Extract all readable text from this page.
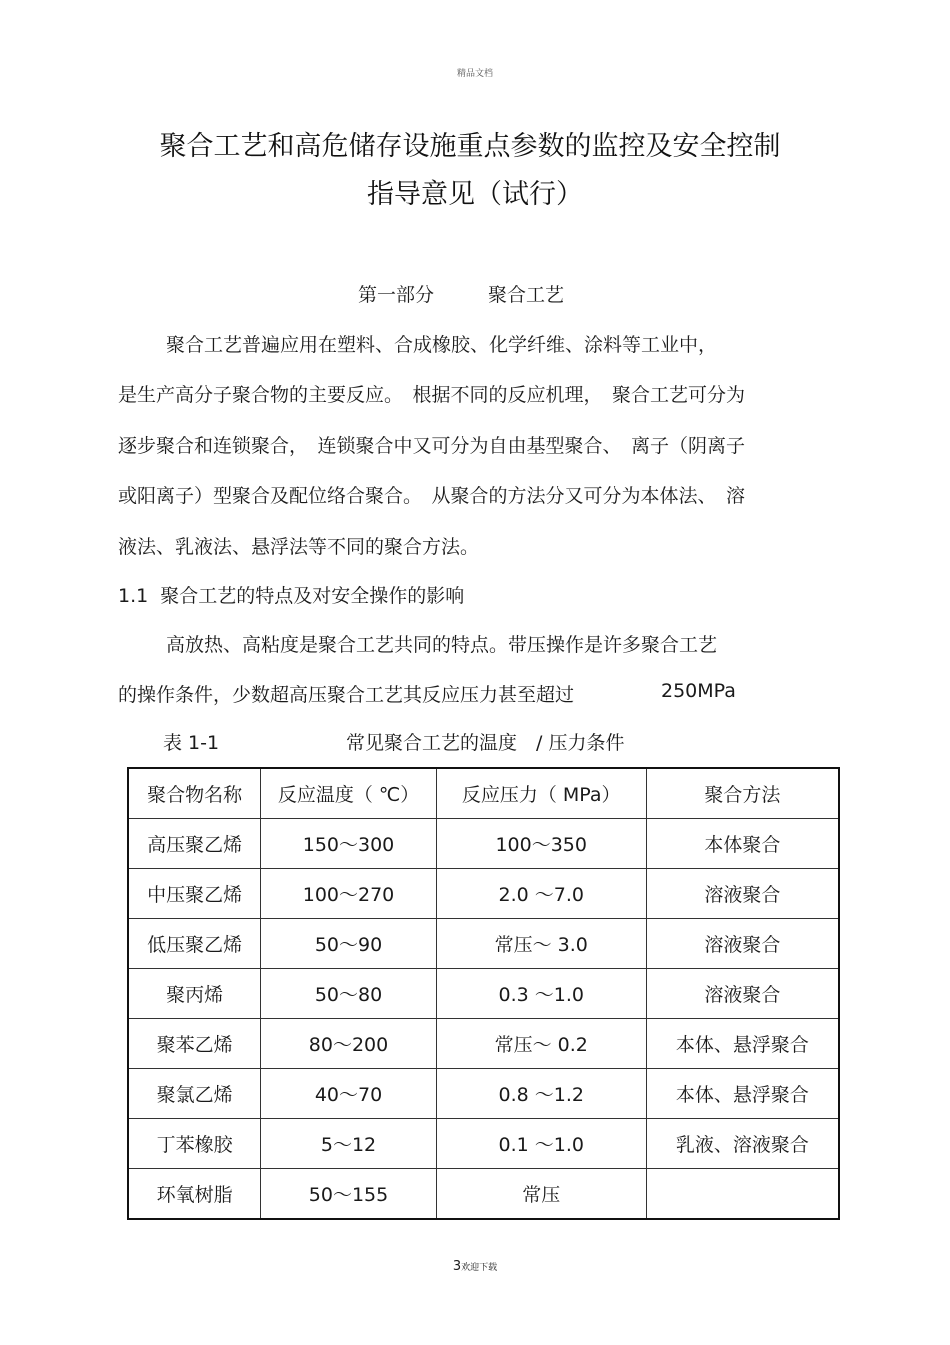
精品文档
聚合工艺和高危储存设施重点参数的监控及安全控制
指导意见（试行）
第一部分	聚合工艺
聚合工艺普遍应用在塑料、合成橡胶、化学纤维、涂料等工业中，
是生产高分子聚合物的主要反应。　根据不同的反应机理，　聚合工艺可分为
逐步聚合和连锁聚合，　连锁聚合中又可分为自由基型聚合、　离子（阴离子
或阳离子）型聚合及配位络合聚合。　从聚合的方法分又可分为本体法、　溶
液法、乳液法、悬浮法等不同的聚合方法。
1.1  聚合工艺的特点及对安全操作的影响
高放热、高粘度是聚合工艺共同的特点。带压操作是许多聚合工艺
的操作条件，少数超高压聚合工艺其反应压力甚至超过	250MPa
表 1-1	常见聚合工艺的温度　/ 压力条件
聚合物名称	反应温度（ ℃）	反应压力（ MPa）	聚合方法
高压聚乙烯	150～300	100～350	本体聚合
中压聚乙烯	100～270	2.0 ～7.0	溶液聚合
低压聚乙烯	50～90	常压～ 3.0	溶液聚合
聚丙烯	50～80	0.3 ～1.0	溶液聚合
聚苯乙烯	80～200	常压～ 0.2	本体、悬浮聚合
聚氯乙烯	40～70	0.8 ～1.2	本体、悬浮聚合
丁苯橡胶	5～12	0.1 ～1.0	乳液、溶液聚合
环氧树脂	50～155	常压	
3欢迎下载
